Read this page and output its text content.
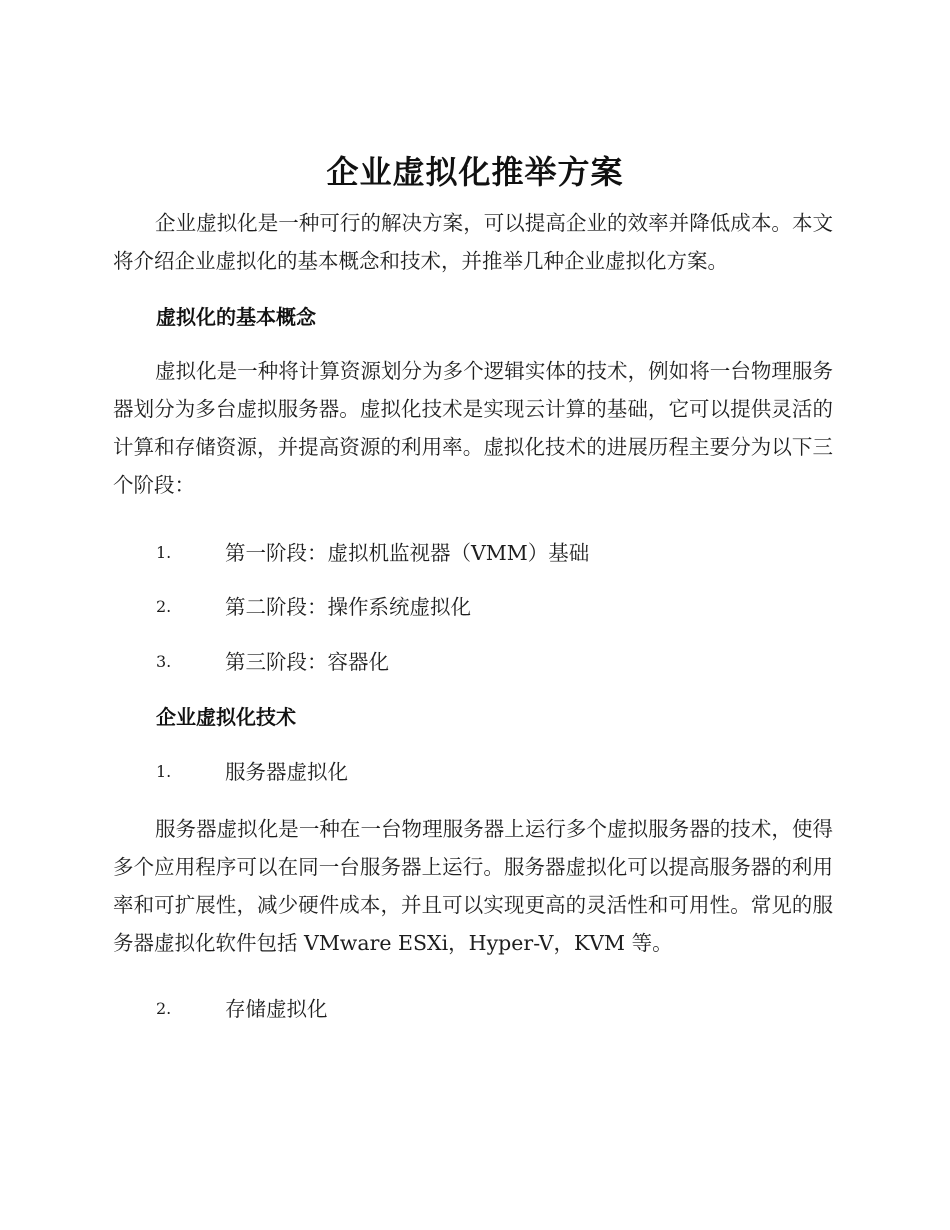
企业虚拟化推举方案
企业虚拟化是一种可行的解决方案，可以提高企业的效率并降低成本。本文将介绍企业虚拟化的基本概念和技术，并推举几种企业虚拟化方案。
虚拟化的基本概念
虚拟化是一种将计算资源划分为多个逻辑实体的技术，例如将一台物理服务器划分为多台虚拟服务器。虚拟化技术是实现云计算的基础，它可以提供灵活的计算和存储资源，并提高资源的利用率。虚拟化技术的进展历程主要分为以下三个阶段：
1.	第一阶段：虚拟机监视器（VMM）基础
2.	第二阶段：操作系统虚拟化
3.	第三阶段：容器化
企业虚拟化技术
1.	服务器虚拟化
服务器虚拟化是一种在一台物理服务器上运行多个虚拟服务器的技术，使得多个应用程序可以在同一台服务器上运行。服务器虚拟化可以提高服务器的利用率和可扩展性，减少硬件成本，并且可以实现更高的灵活性和可用性。常见的服务器虚拟化软件包括 VMware ESXi，Hyper-V，KVM 等。
2.	存储虚拟化
